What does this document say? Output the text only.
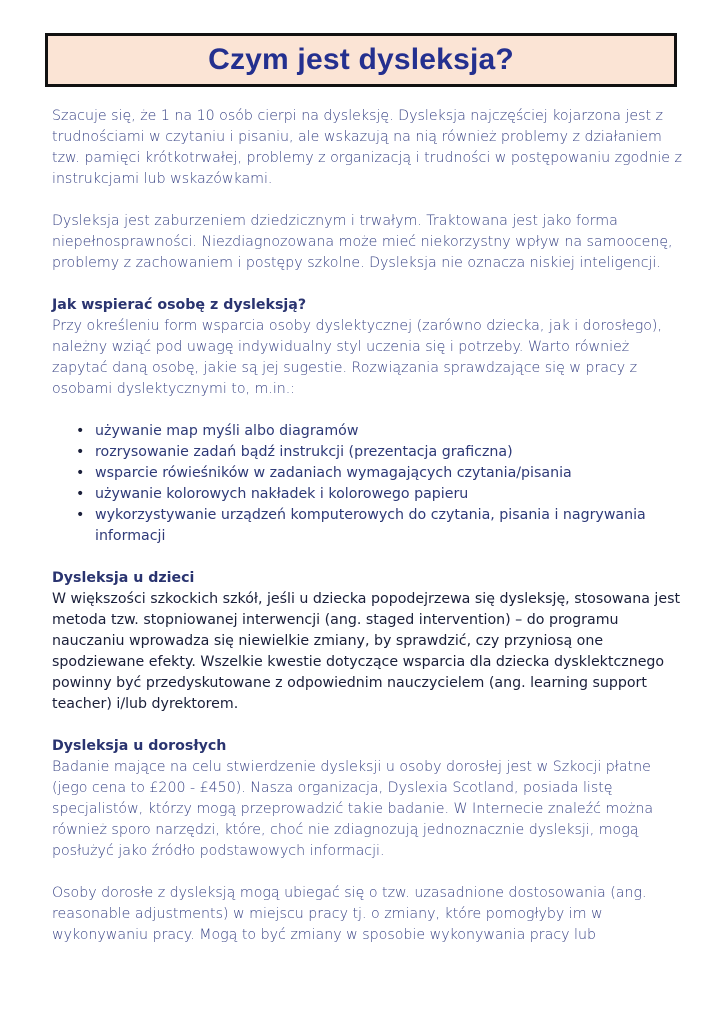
Czym jest dysleksja?

Szacuje się, że 1 na 10 osób cierpi na dysleksję. Dysleksja najczęściej kojarzona jest z trudnościami w czytaniu i pisaniu, ale wskazują na nią również problemy z działaniem tzw. pamięci krótkotrwałej, problemy z organizacją i trudności w postępowaniu zgodnie z instrukcjami lub wskazówkami.

Dysleksja jest zaburzeniem dziedzicznym i trwałym. Traktowana jest jako forma niepełnosprawności. Niezdiagnozowana może mieć niekorzystny wpływ na samoocenę, problemy z zachowaniem i postępy szkolne. Dysleksja nie oznacza niskiej inteligencji.

Jak wspierać osobę z dysleksją?

Przy określeniu form wsparcia osoby dyslektycznej (zarówno dziecka, jak i dorosłego), należny wziąć pod uwagę indywidualny styl uczenia się i potrzeby. Warto również zapytać daną osobę, jakie są jej sugestie. Rozwiązania sprawdzające się w pracy z osobami dyslektycznymi to, m.in.:

• używanie map myśli albo diagramów
• rozrysowanie zadań bądź instrukcji (prezentacja graficzna)
• wsparcie rówieśników w zadaniach wymagających czytania/pisania
• używanie kolorowych nakładek i kolorowego papieru
• wykorzystywanie urządzeń komputerowych do czytania, pisania i nagrywania informacji

Dysleksja u dzieci

W większości szkockich szkół, jeśli u dziecka popodejrzewa się dysleksję, stosowana jest metoda tzw. stopniowanej interwencji (ang. staged intervention) – do programu nauczaniu wprowadza się niewielkie zmiany, by sprawdzić, czy przyniosą one spodziewane efekty. Wszelkie kwestie dotyczące wsparcia dla dziecka dysklektcznego powinny być przedyskutowane z odpowiednim nauczycielem (ang. learning support teacher) i/lub dyrektorem.

Dysleksja u dorosłych

Badanie mające na celu stwierdzenie dysleksji u osoby dorosłej jest w Szkocji płatne (jego cena to £200 - £450). Nasza organizacja, Dyslexia Scotland, posiada listę specjalistów, którzy mogą przeprowadzić takie badanie. W Internecie znaleźć można również sporo narzędzi, które, choć nie zdiagnozują jednoznacznie dysleksji, mogą posłużyć jako źródło podstawowych informacji.

Osoby dorosłe z dysleksją mogą ubiegać się o tzw. uzasadnione dostosowania (ang. reasonable adjustments) w miejscu pracy tj. o zmiany, które pomogłyby im w wykonywaniu pracy. Mogą to być zmiany w sposobie wykonywania pracy lub
